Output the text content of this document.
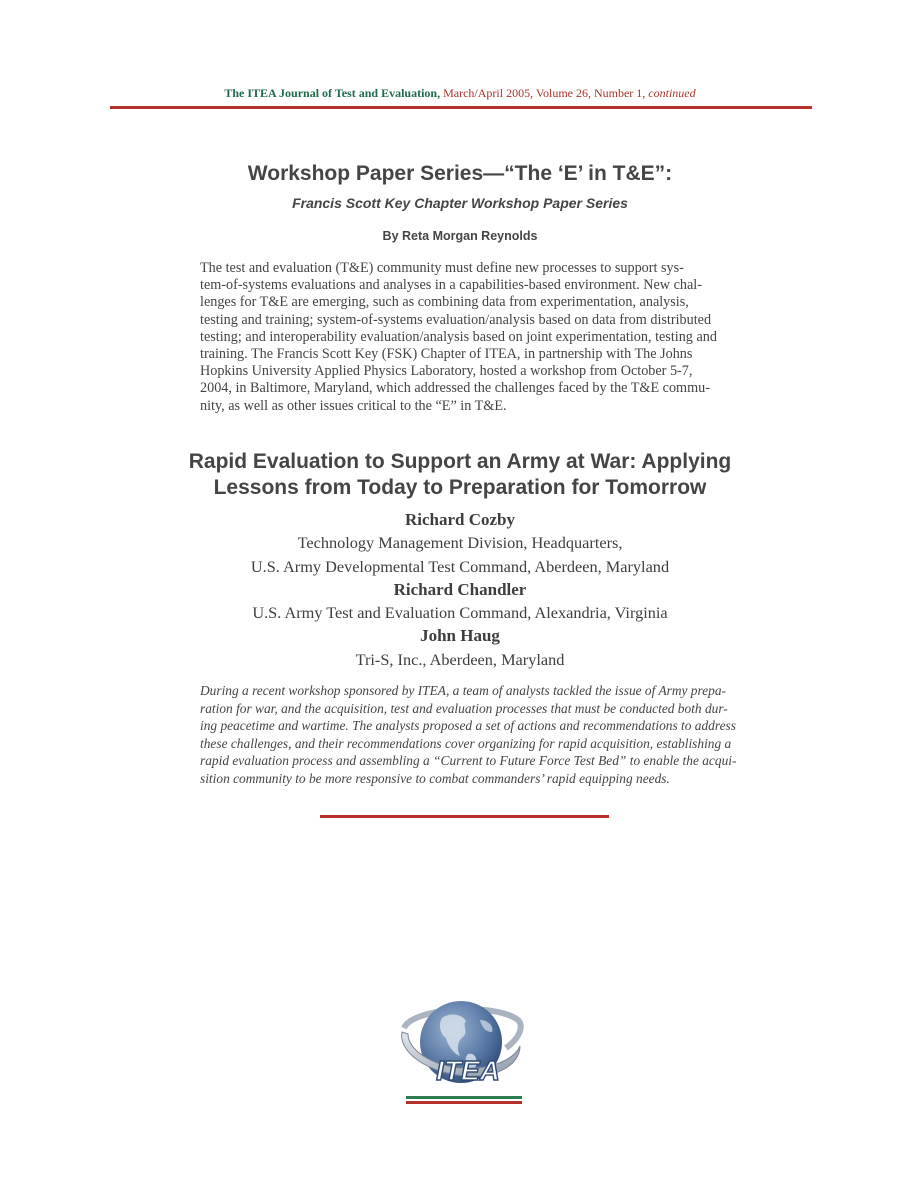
The ITEA Journal of Test and Evaluation, March/April 2005, Volume 26, Number 1, continued
Workshop Paper Series—“The ‘E’ in T&E”:
Francis Scott Key Chapter Workshop Paper Series
By Reta Morgan Reynolds
The test and evaluation (T&E) community must define new processes to support sys-
tem-of-systems evaluations and analyses in a capabilities-based environment. New chal-
lenges for T&E are emerging, such as combining data from experimentation, analysis,
testing and training; system-of-systems evaluation/analysis based on data from distributed
testing; and interoperability evaluation/analysis based on joint experimentation, testing and
training. The Francis Scott Key (FSK) Chapter of ITEA, in partnership with The Johns
Hopkins University Applied Physics Laboratory, hosted a workshop from October 5-7,
2004, in Baltimore, Maryland, which addressed the challenges faced by the T&E commu-
nity, as well as other issues critical to the “E” in T&E.
Rapid Evaluation to Support an Army at War: Applying
Lessons from Today to Preparation for Tomorrow
Richard Cozby
Technology Management Division, Headquarters,
U.S. Army Developmental Test Command, Aberdeen, Maryland
Richard Chandler
U.S. Army Test and Evaluation Command, Alexandria, Virginia
John Haug
Tri-S, Inc., Aberdeen, Maryland
During a recent workshop sponsored by ITEA, a team of analysts tackled the issue of Army prepa-
ration for war, and the acquisition, test and evaluation processes that must be conducted both dur-
ing peacetime and wartime. The analysts proposed a set of actions and recommendations to address
these challenges, and their recommendations cover organizing for rapid acquisition, establishing a
rapid evaluation process and assembling a “Current to Future Force Test Bed” to enable the acqui-
sition community to be more responsive to combat commanders’ rapid equipping needs.
ITEA
